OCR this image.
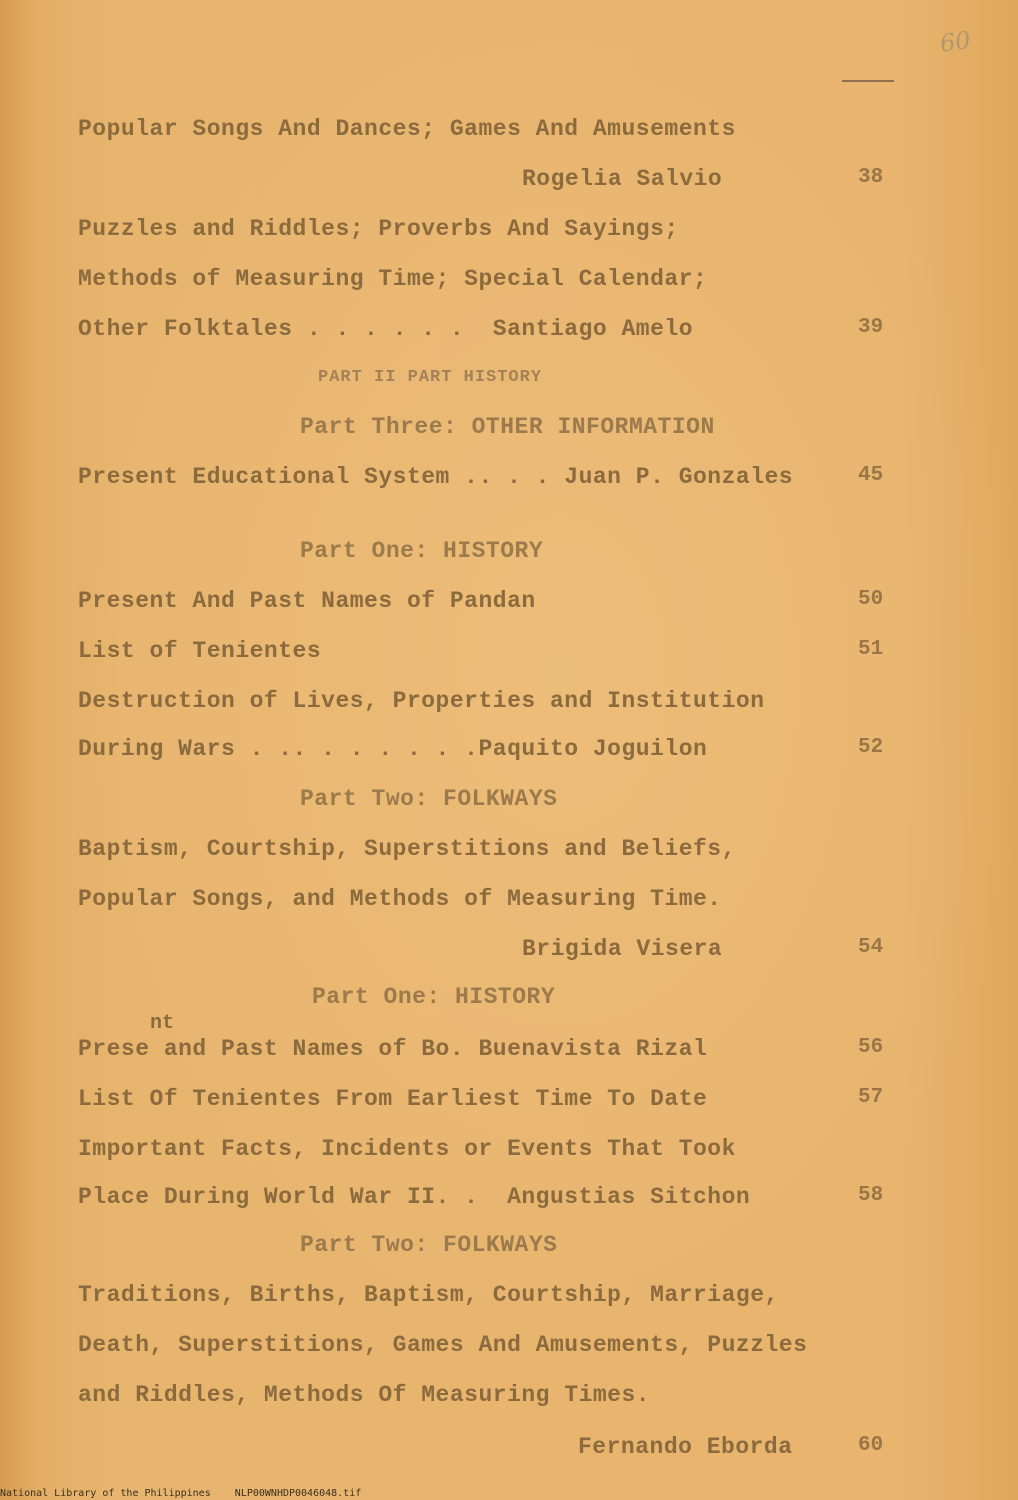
60
Popular Songs And Dances; Games And Amusements
Rogelia Salvio	38
Puzzles and Riddles; Proverbs And Sayings;
Methods of Measuring Time; Special Calendar;
Other Folktales . . . . . .  Santiago Amelo	39
PART II PART HISTORY
Part Three: OTHER INFORMATION
Present Educational System .. . . Juan P. Gonzales	45
Part One: HISTORY
Present And Past Names of Pandan	50
List of Tenientes	51
Destruction of Lives, Properties and Institution
During Wars . .. . . . . . .Paquito Joguilon	52
Part Two: FOLKWAYS
Baptism, Courtship, Superstitions and Beliefs,
Popular Songs, and Methods of Measuring Time.
Brigida Visera	54
Part One: HISTORY
nt
Prese and Past Names of Bo. Buenavista Rizal	56
List Of Tenientes From Earliest Time To Date	57
Important Facts, Incidents or Events That Took
Place During World War II. .  Angustias Sitchon	58
Part Two: FOLKWAYS
Traditions, Births, Baptism, Courtship, Marriage,
Death, Superstitions, Games And Amusements, Puzzles
and Riddles, Methods Of Measuring Times.
Fernando Eborda	60
National Library of the Philippines    NLP00WNHDP0046048.tif
